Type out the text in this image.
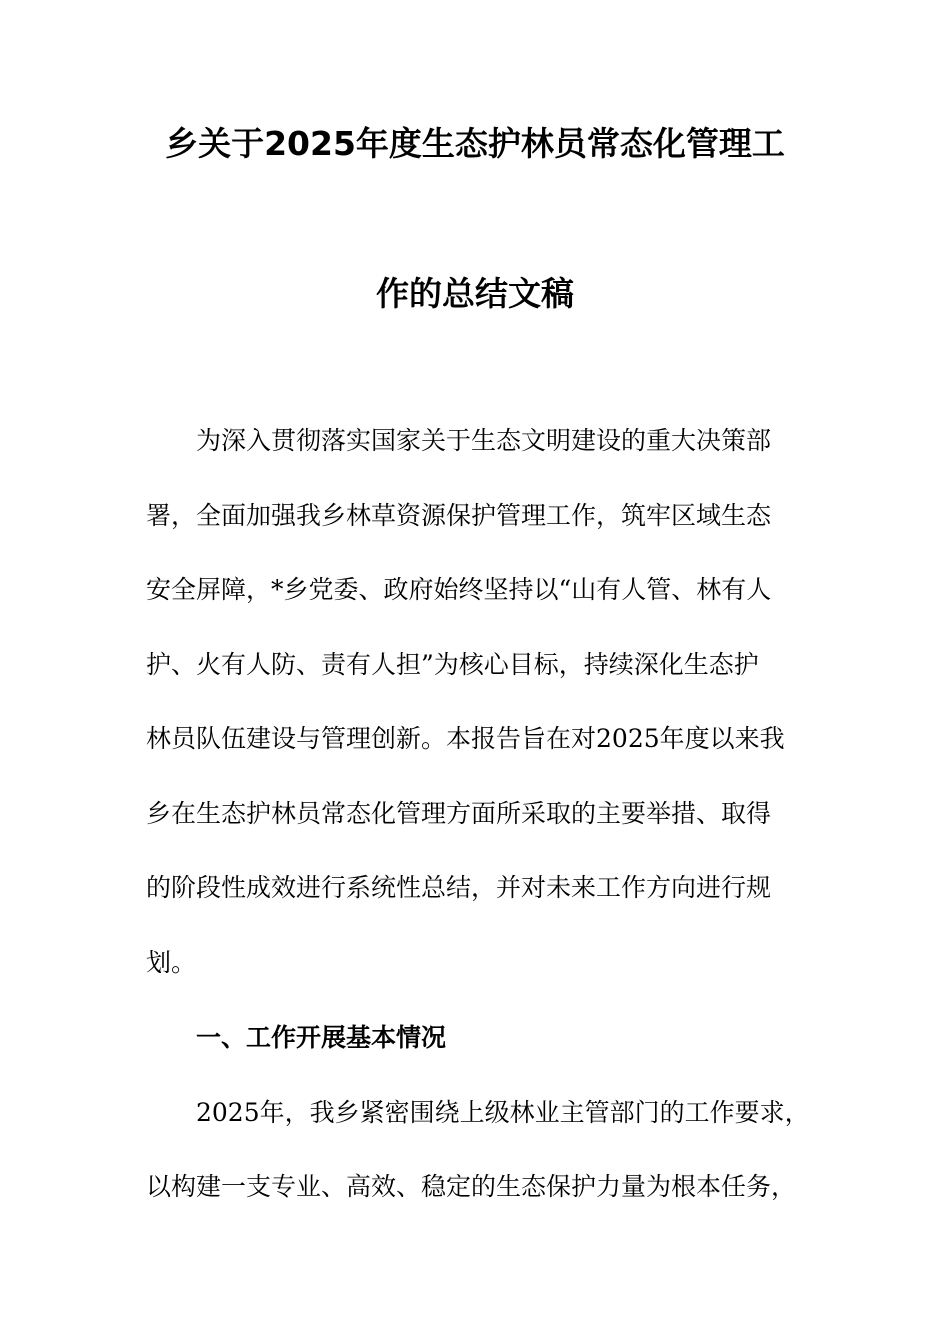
乡关于2025年度生态护林员常态化管理工
作的总结文稿
为深入贯彻落实国家关于生态文明建设的重大决策部
署，全面加强我乡林草资源保护管理工作，筑牢区域生态
安全屏障，*乡党委、政府始终坚持以“山有人管、林有人
护、火有人防、责有人担”为核心目标，持续深化生态护
林员队伍建设与管理创新。本报告旨在对2025年度以来我
乡在生态护林员常态化管理方面所采取的主要举措、取得
的阶段性成效进行系统性总结，并对未来工作方向进行规
划。
一、工作开展基本情况
2025年，我乡紧密围绕上级林业主管部门的工作要求，
以构建一支专业、高效、稳定的生态保护力量为根本任务，
